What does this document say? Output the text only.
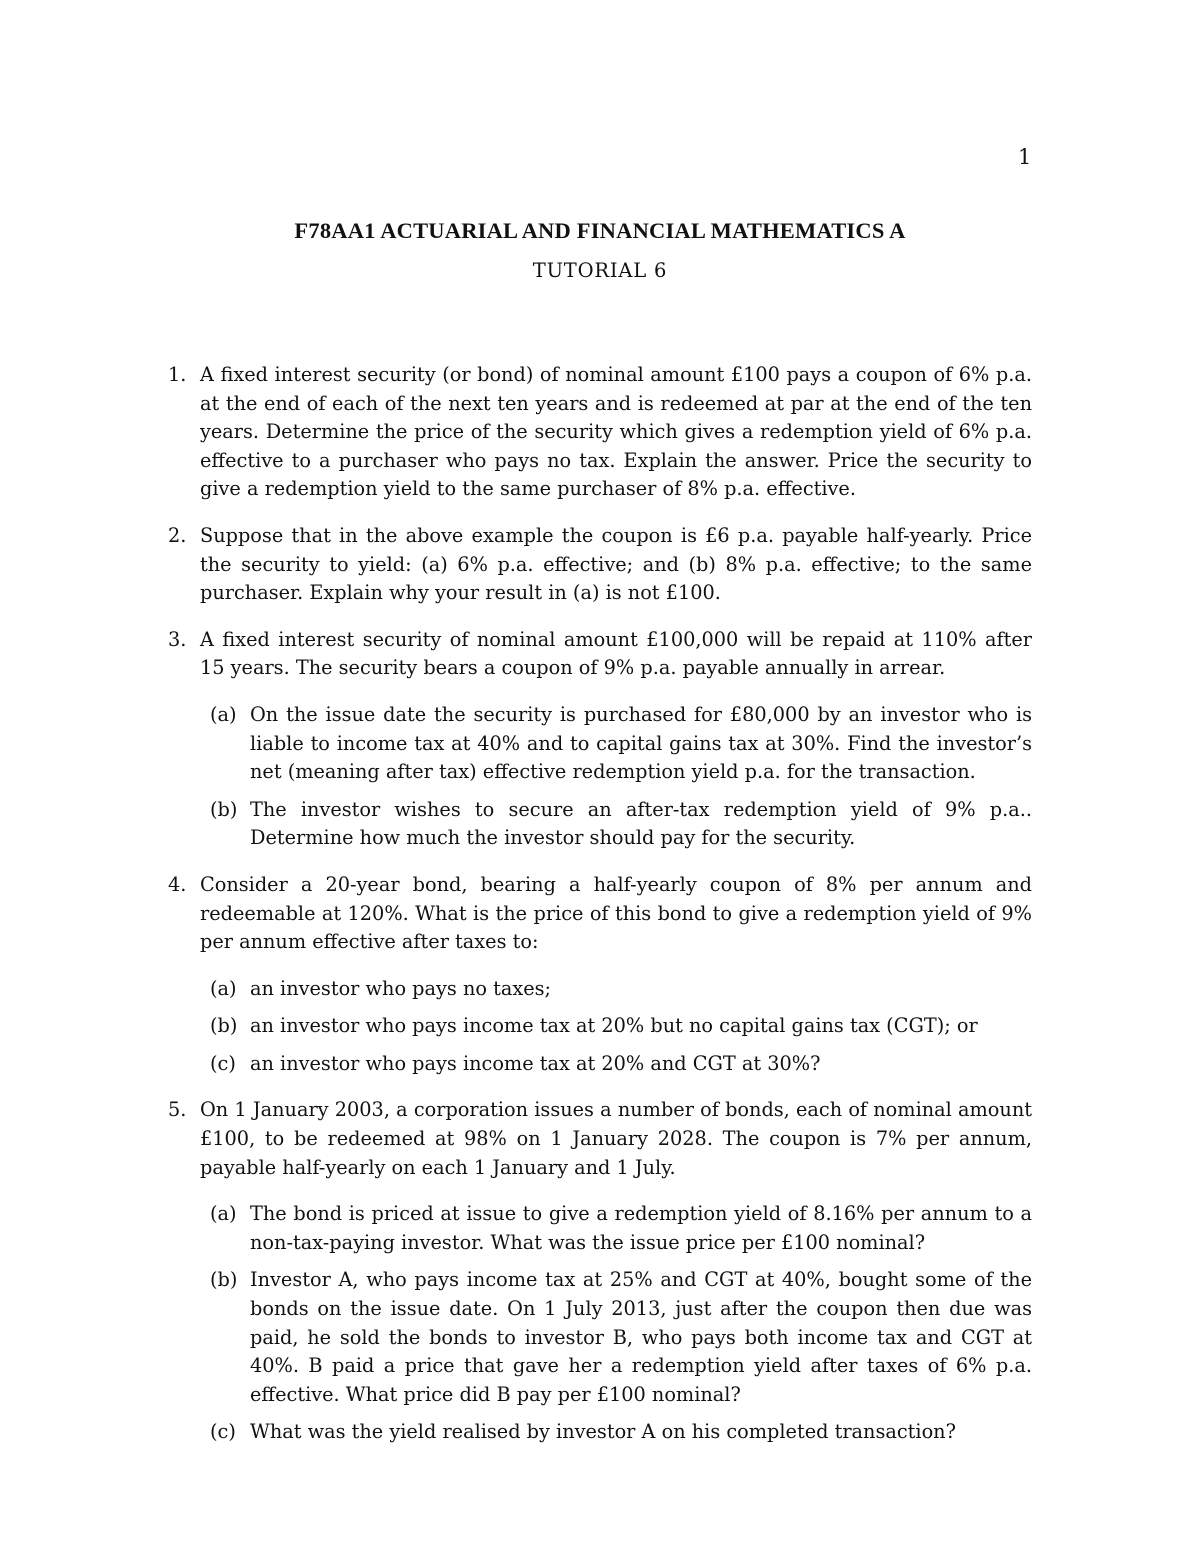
1
F78AA1 ACTUARIAL AND FINANCIAL MATHEMATICS A
TUTORIAL 6
1. A fixed interest security (or bond) of nominal amount £100 pays a coupon of 6% p.a. at the end of each of the next ten years and is redeemed at par at the end of the ten years. Determine the price of the security which gives a redemption yield of 6% p.a. effective to a purchaser who pays no tax. Explain the answer. Price the security to give a redemption yield to the same purchaser of 8% p.a. effective.
2. Suppose that in the above example the coupon is £6 p.a. payable half-yearly. Price the security to yield: (a) 6% p.a. effective; and (b) 8% p.a. effective; to the same purchaser. Explain why your result in (a) is not £100.
3. A fixed interest security of nominal amount £100,000 will be repaid at 110% after 15 years. The security bears a coupon of 9% p.a. payable annually in arrear.
(a) On the issue date the security is purchased for £80,000 by an investor who is liable to income tax at 40% and to capital gains tax at 30%. Find the investor’s net (meaning after tax) effective redemption yield p.a. for the transaction.
(b) The investor wishes to secure an after-tax redemption yield of 9% p.a.. Determine how much the investor should pay for the security.
4. Consider a 20-year bond, bearing a half-yearly coupon of 8% per annum and redeemable at 120%. What is the price of this bond to give a redemption yield of 9% per annum effective after taxes to:
(a) an investor who pays no taxes;
(b) an investor who pays income tax at 20% but no capital gains tax (CGT); or
(c) an investor who pays income tax at 20% and CGT at 30%?
5. On 1 January 2003, a corporation issues a number of bonds, each of nominal amount £100, to be redeemed at 98% on 1 January 2028. The coupon is 7% per annum, payable half-yearly on each 1 January and 1 July.
(a) The bond is priced at issue to give a redemption yield of 8.16% per annum to a non-tax-paying investor. What was the issue price per £100 nominal?
(b) Investor A, who pays income tax at 25% and CGT at 40%, bought some of the bonds on the issue date. On 1 July 2013, just after the coupon then due was paid, he sold the bonds to investor B, who pays both income tax and CGT at 40%. B paid a price that gave her a redemption yield after taxes of 6% p.a. effective. What price did B pay per £100 nominal?
(c) What was the yield realised by investor A on his completed transaction?
